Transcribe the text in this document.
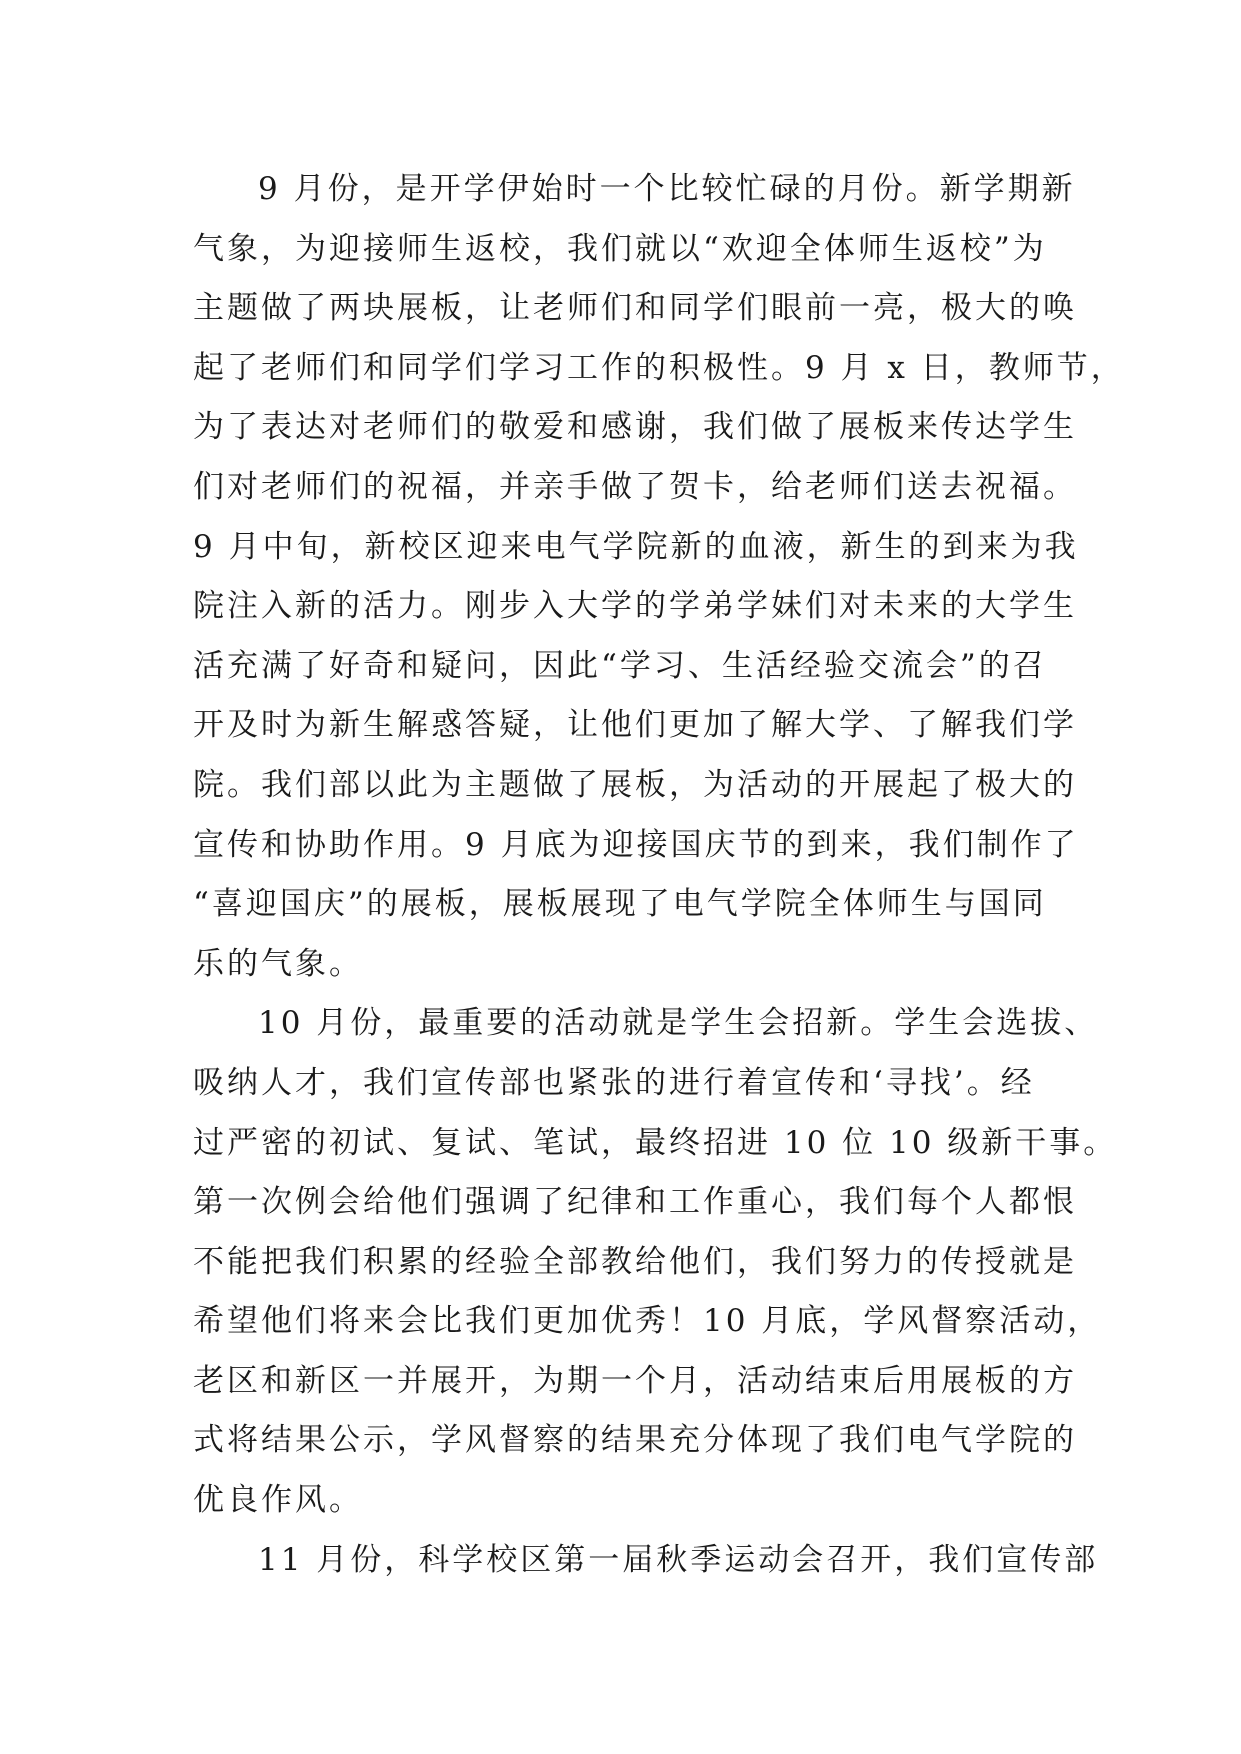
9 月份，是开学伊始时一个比较忙碌的月份。新学期新
气象，为迎接师生返校，我们就以“欢迎全体师生返校”为
主题做了两块展板，让老师们和同学们眼前一亮，极大的唤
起了老师们和同学们学习工作的积极性。9 月 x 日，教师节，
为了表达对老师们的敬爱和感谢，我们做了展板来传达学生
们对老师们的祝福，并亲手做了贺卡，给老师们送去祝福。
9 月中旬，新校区迎来电气学院新的血液，新生的到来为我
院注入新的活力。刚步入大学的学弟学妹们对未来的大学生
活充满了好奇和疑问，因此“学习、生活经验交流会”的召
开及时为新生解惑答疑，让他们更加了解大学、了解我们学
院。我们部以此为主题做了展板，为活动的开展起了极大的
宣传和协助作用。9 月底为迎接国庆节的到来，我们制作了
“喜迎国庆”的展板，展板展现了电气学院全体师生与国同
乐的气象。
10 月份，最重要的活动就是学生会招新。学生会选拔、
吸纳人才，我们宣传部也紧张的进行着宣传和‘寻找’。经
过严密的初试、复试、笔试，最终招进 10 位 10 级新干事。
第一次例会给他们强调了纪律和工作重心，我们每个人都恨
不能把我们积累的经验全部教给他们，我们努力的传授就是
希望他们将来会比我们更加优秀！10 月底，学风督察活动，
老区和新区一并展开，为期一个月，活动结束后用展板的方
式将结果公示，学风督察的结果充分体现了我们电气学院的
优良作风。
11 月份，科学校区第一届秋季运动会召开，我们宣传部
